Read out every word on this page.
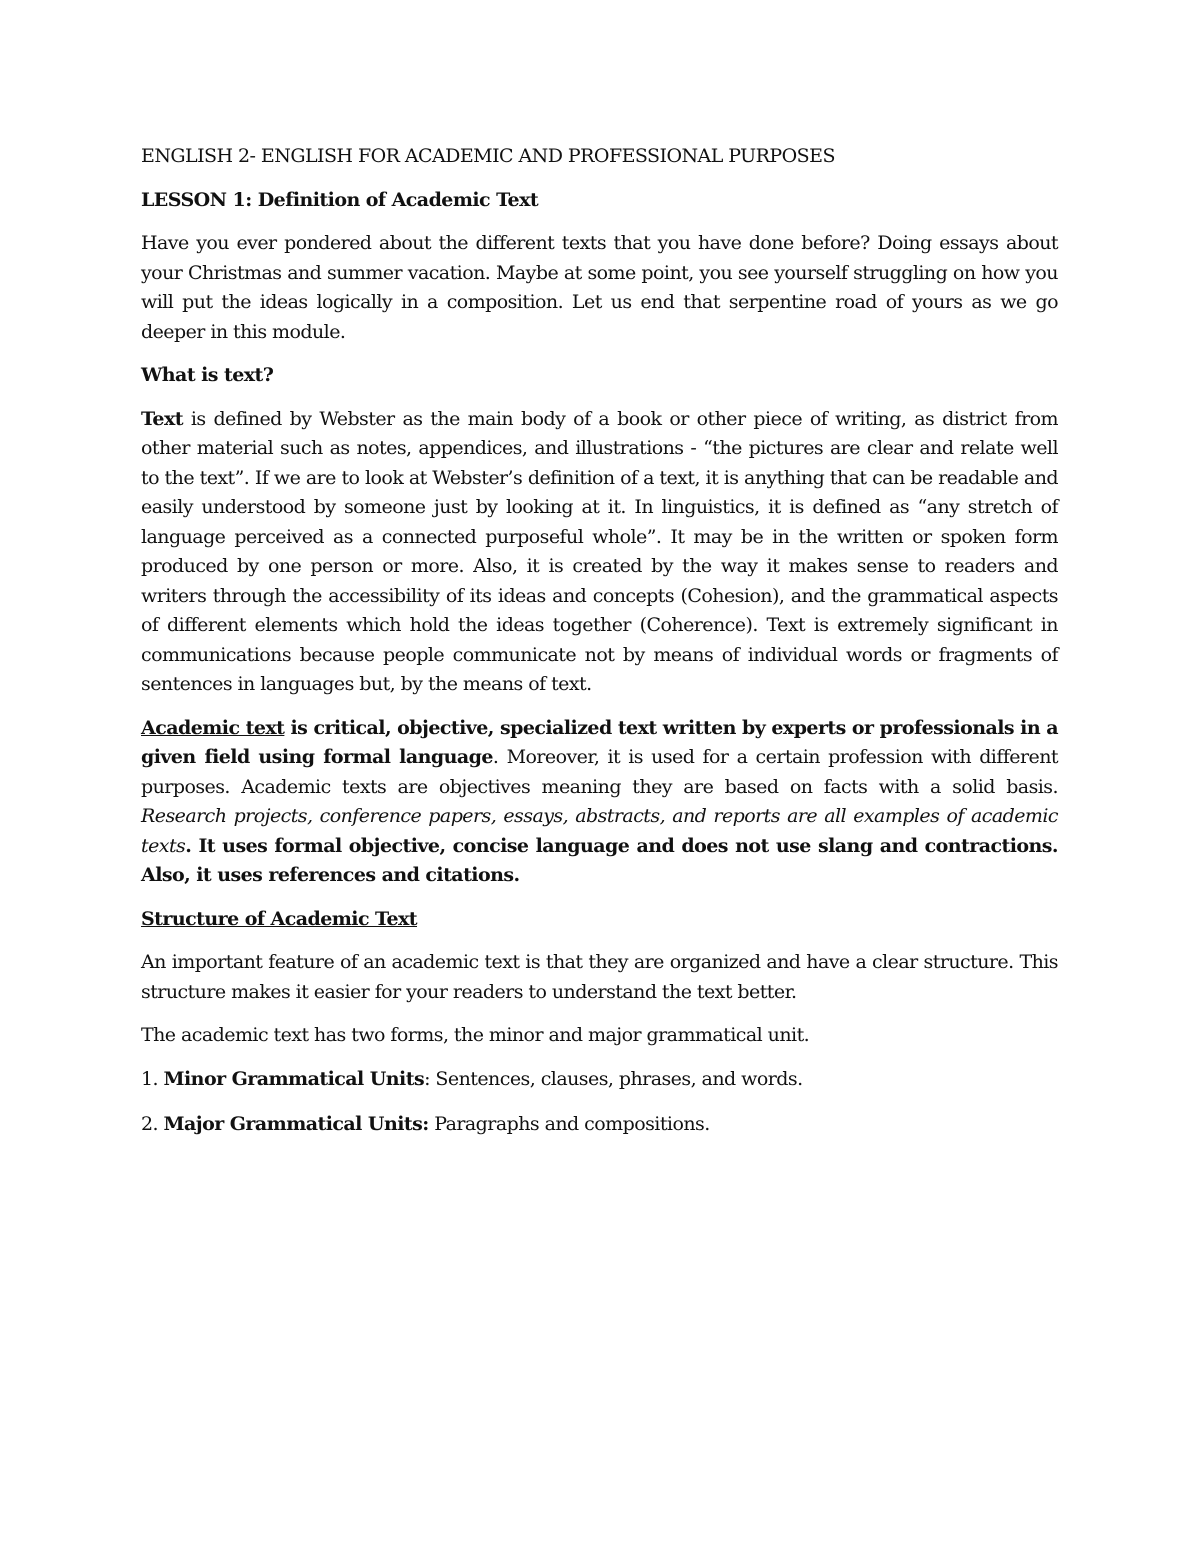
ENGLISH 2- ENGLISH FOR ACADEMIC AND PROFESSIONAL PURPOSES

LESSON 1: Definition of Academic Text

Have you ever pondered about the different texts that you have done before? Doing essays about your Christmas and summer vacation. Maybe at some point, you see yourself struggling on how you will put the ideas logically in a composition. Let us end that serpentine road of yours as we go deeper in this module.

What is text?

Text is defined by Webster as the main body of a book or other piece of writing, as district from other material such as notes, appendices, and illustrations - “the pictures are clear and relate well to the text”. If we are to look at Webster’s definition of a text, it is anything that can be readable and easily understood by someone just by looking at it. In linguistics, it is defined as “any stretch of language perceived as a connected purposeful whole”. It may be in the written or spoken form produced by one person or more. Also, it is created by the way it makes sense to readers and writers through the accessibility of its ideas and concepts (Cohesion), and the grammatical aspects of different elements which hold the ideas together (Coherence). Text is extremely significant in communications because people communicate not by means of individual words or fragments of sentences in languages but, by the means of text.

Academic text is critical, objective, specialized text written by experts or professionals in a given field using formal language. Moreover, it is used for a certain profession with different purposes. Academic texts are objectives meaning they are based on facts with a solid basis. Research projects, conference papers, essays, abstracts, and reports are all examples of academic texts. It uses formal objective, concise language and does not use slang and contractions. Also, it uses references and citations.

Structure of Academic Text

An important feature of an academic text is that they are organized and have a clear structure. This structure makes it easier for your readers to understand the text better.

The academic text has two forms, the minor and major grammatical unit.

1. Minor Grammatical Units: Sentences, clauses, phrases, and words.

2. Major Grammatical Units: Paragraphs and compositions.
